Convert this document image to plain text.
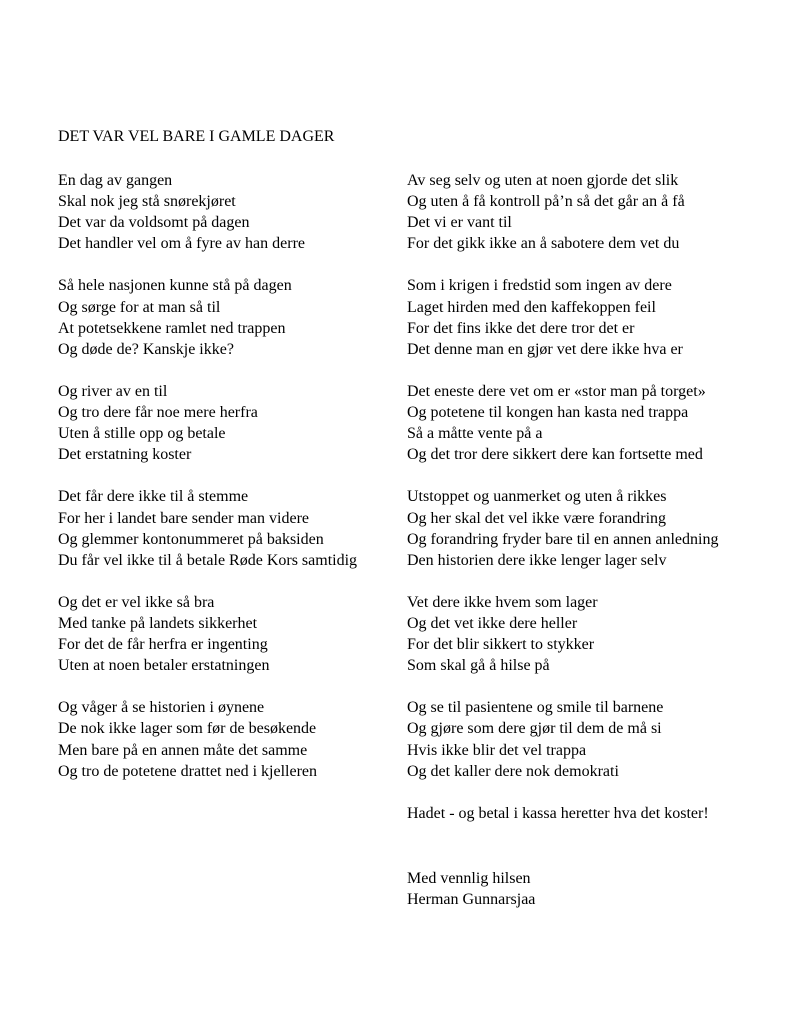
DET VAR VEL BARE I GAMLE DAGER
En dag av gangen
Skal nok jeg stå snørekjøret
Det var da voldsomt på dagen
Det handler vel om å fyre av han derre
Så hele nasjonen kunne stå på dagen
Og sørge for at man så til
At potetsekkene ramlet ned trappen
Og døde de? Kanskje ikke?
Og river av en til
Og tro dere får noe mere herfra
Uten å stille opp og betale
Det erstatning koster
Det får dere ikke til å stemme
For her i landet bare sender man videre
Og glemmer kontonummeret på baksiden
Du får vel ikke til å betale Røde Kors samtidig
Og det er vel ikke så bra
Med tanke på landets sikkerhet
For det de får herfra er ingenting
Uten at noen betaler erstatningen
Og våger å se historien i øynene
De nok ikke lager som før de besøkende
Men bare på en annen måte det samme
Og tro de potetene drattet ned i kjelleren
Av seg selv og uten at noen gjorde det slik
Og uten å få kontroll på’n så det går an å få
Det vi er vant til
For det gikk ikke an å sabotere dem vet du
Som i krigen i fredstid som ingen av dere
Laget hirden med den kaffekoppen feil
For det fins ikke det dere tror det er
Det denne man en gjør vet dere ikke hva er
Det eneste dere vet om er «stor man på torget»
Og potetene til kongen han kasta ned trappa
Så a måtte vente på a
Og det tror dere sikkert dere kan fortsette med
Utstoppet og uanmerket og uten å rikkes
Og her skal det vel ikke være forandring
Og forandring fryder bare til en annen anledning
Den historien dere ikke lenger lager selv
Vet dere ikke hvem som lager
Og det vet ikke dere heller
For det blir sikkert to stykker
Som skal gå å hilse på
Og se til pasientene og smile til barnene
Og gjøre som dere gjør til dem de må si
Hvis ikke blir det vel trappa
Og det kaller dere nok demokrati
Hadet - og betal i kassa heretter hva det koster!
Med vennlig hilsen
Herman Gunnarsjaa
